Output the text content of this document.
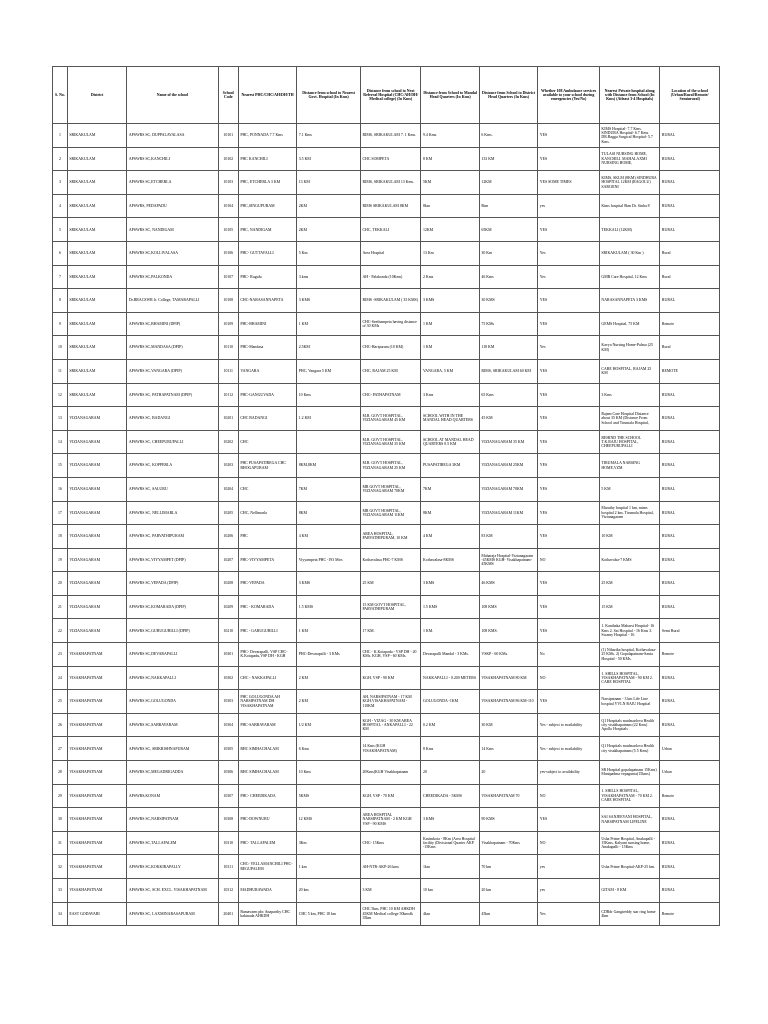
S. No.	District	Name of the school	School Code	Nearest PHC/CHC/AH/DH/TH	Distance from school to Nearest Govt. Hospital (In Kms)	Distance from school to Next Referral Hospital (CHC/AH/DH/ Medical college) (In Kms)	Distance from School to Mandal Head Quarters (In Kms)	Distance from School to District Head Quarters (In Kms)	Whether 108 Ambulance services available to your school during emergencies (Yes/No)	Nearest Private hospital along with Distance from School (In Kms) (Atleast 3-4 Hospitals)	Location of the school (Urban/Rural/Remote/ Semiurural)
1	SRIKAKULAM	APSWRS SC, DUPPALAVALASA	10101	PHC, PONNADA 7.7 Kms	7.1 Kms	RIMS, SRIKAKULAM 7. 1 Kms.	9.4 Kms.	6 Kms.	YES	KIMS Hospital- 7.7 Kms. SINDURA Hospital- 6.7 Kms. DR.Bagga Surgical Hospital- 5.7 Kms.	RURAL
2	SRIKAKULAM	APSWRS SC,KANCHILI	10102	PHC KANCHILI	3.5 KM	CHC SOMPETA	8 KM	133 KM	YES	TULASI NURSING HOME, KANCHILI. MAHALAXMI NURSING HOME,	RURAL
3	SRIKAKULAM	APSWRS SC,ETCHERLA	10103	PHC, ETCHERLA 3 KM	13 KM	RIMS, SRIKAKULAM 13 Kms.	5KM	12KM	YES SOME TIMES	KIMS, SKLM (8KM) SINDHURA HOSPITAL 12KM (RAGOLU) SAROJINI	RURAL
4	SRIKAKULAM	APSWRS, PEDAPADU	10104	PHC,SINGUPURAM	2KM	RIMS SRIKAKULAM 8KM	8km	8km	yes	Kims hospital 8km Dr. Sinha 8	RURAL
5	SRIKAKULAM	APSWRS SC, NANDIGAM	10105	PHC, NANDIGAM	2KM	CHC, TEKKALI	12KM	65KM	YES	TEKKALI (12KM)	RURAL
6	SRIKAKULAM	APSWRS SC,KOLLIVALASA	10106	PHC- GUTTAVALLI	5 Km	Area Hospital	13 Km	30 Km	Yes	SRIKAKULAM ( 30 Km )	Rural
7	SRIKAKULAM	APSWRS SC,PALKONDA	10107	PHC- Rugulu	3 kms	AH - Palakonda (10Kms)	2 Kms	46 Kms	Yes	GMR Care Hospital, 12 Kms	Rural
8	SRIKAKULAM	Dr.BRACSWR Jr. College, TAMARAPALLI	10108	CHC-NARASANNAPETA	3 KMS	RIMS -SRIKAKULAM ( 35 KMS)	3 KMS	30 KMS	YES	NARASANNAPETA 3 KMS	RURAL
9	SRIKAKULAM	APSWRS SC,BHAMINI (DPIP)	10109	PHC-BHAMINI	1 KM	CHC-Seethampeta having distance of 30 KMs	1 KM	75 KMs	YES	GEMS Hospital, 75 KM	Remote
10	SRIKAKULAM	APSWRS SC,MANDASA (DPIP)	10110	PHC-Mandasa	2.5KM	CHC-Haripuram (10 KM)	1 KM	118 KM	Yes	Kavya Nursing Home-Palasa (25 KM)	Rural
11	SRIKAKULAM	APSWRS SC,VANGARA (DPIP)	10111	VANGARA	PHC, Vangara 5 KM	CHC, RAJAM 25 KM	VANGARA, 5 KM	RIMS, SRIKAKULAM 60 KM	YES	CARE HOSPITAL, RAJAM 25 KM	REMOTE
12	SRIKAKULAM	APSWRS SC, PATHAPATNAM (DPIP)	10112	PHC-GANGUVADA	10 Kms	CHC- PATHAPATNAM	3 Kms	65 Kms	YES	3 Kms	RURAL
13	VIZIANAGARAM	APSWRS SC, BADANGI	10201	CHC BADANGI	1.2 KM	M.R. GOVT HOSPITAL, VIZIANAGARAM 45 KM	SCHOOL WITH IN THE MANDAL HEAD QUARTERS	45 KM	YES	Rajam Care Hospital Distance about 35 KM (Distance From School and Tirumala Hospital,	RURAL
14	VIZIANAGARAM	APSWRS SC, CHEEPURUPALLI	10202	CHC		M.R. GOVT HOSPITAL, VIZIANAGARAM 35 KM	SCHOOL AT MANDAL HEAD QUARTERS 0.5 KM	VIZIANAGARAM 35 KM	YES	BEHIND THE SCHOOL T.K.RAJU HOSPITAL, CHEEPURUPALLI	RURAL
15	VIZIANAGARAM	APSWRS SC, KOPPERLA	10203	PHC PUSAPATIREGA CHC BHOGAPURAM	8KM,8KM	M.R. GOVT HOSPITAL, VIZIANAGARAM 25 KM	PUSAPATIREGA 3KM	VIZIANAGARAM 25KM	YES	TIRUMALA NARSING HOME,VZM	RURAL
16	VIZIANAGARAM	APSWRS SC, SALURU	10204	CHC	7KM	MR GOVT HOSPITAL, VIZIANAGARAM 70KM	7KM	VIZIANAGARAM 70KM	YES	5 KM	RURAL
17	VIZIANAGARAM	APSWRS SC, NELLIMARLA	10205	CHC, Nellimarla	8KM	MR GOVT HOSPITAL, VIZIANAGARAM 11KM	8KM	VIZIANAGARAM 11KM	YES	Maruthy hospital 1 km, mims hospital 2 km, Tirumala Hospital, Vizianagaram	RURAL
18	VIZIANAGARAM	APSWRS SC, PARVATHIPURAM	10206	PHC	4 KM	AREA HOSPITAL, PARVATHIPURAM, 10 KM	4 KM	83 KM	YES	10 KM	RURAL
19	VIZIANAGARAM	APSWRS SC,VIYYAMPET (DPIP)	10207	PHC-VIYYAMPETA	Viyyampeta PHC -193 Mtrs	Kothavalasa PHC-7 KMS	Kothavalasa-8KMS	Maharaja Hospital-Vizianagaram -45KMS KGH- Visakhapatnam-45KMS	NO	Kothavalsa-7 KMS	RURAL
20	VIZIANAGARAM	APSWRS SC,VEPADA (DPIP)	10208	PHC-VEPADA	3 KMS	25 KM	3 KMS	46 KMS	YES	25 KM	RURAL
21	VIZIANAGARAM	APSWRS SC,KOMARADA (DPIP)	10209	PHC - KOMARADA	1.5 KMS	15 KM GOVT HOSPITAL, PARVATHIPURAM	1.5 KMS	108 KMS	YES	15 KM	RURAL
22	VIZIANAGARAM	APSWRS SC,GURUGUBILLI (DPIP)	10210	PHC - GARUGUBILLI	1 KM	17 KM.	1 KM.	108 KMS.	YES	1. Kanthaka Maharsi Hospital- 16 Kms 2. Sai Hospital - 16 Kms 3. Swamy Hospital - 16	Semi Rural
23	VISAKHAPATNAM	APSWRS SC,DEVARAPALLI	10301	PHC- Devarapalli, VSP CHC- K.Kotapadu,VSP DH - KGH	PHC-Devarapalli - 3 KMs	CHC - K.Kotapadu - VSP DH - 20 KMs. KGH, VSP - 60 KMs.	Devarapalli Mandal - 3 KMs.	VSKP - 60 KMs.	No	(1) Niharika hospital, Kothavalasa- 25 KMs. 2) Gopalapatnam-Santa Hospital - 50 KMs.	Remote
24	VISAKHAPATNAM	APSWRS SC,NAKKAPALLI	10302	CHC - NAKKAPALLI	2 KM	KGH, VSP - 90 KM	NAKKAPALLI - 0.200 METERS	VISAKHAPATNAM 80 KM	NO	1. SHILLS HOSPITAL, VISAKHAPATNAM - 90 KM 2. CARE HOSPITAL	RURAL
25	VISAKHAPATNAM	APSWRS SC,GOLUGONDA	10303	PHC GOLUGONDA AH NARSIPATNAM DH VISAKHAPATNAM	2 KM	AH, NARSIPATNAM - 17 KM KGH,VISAKHAPATNAM - 110KM	GOLUGONDA -1KM	VISAKHAPATNAM 86 KM-110	YES	Narsipatnam - 3 km Life Line hospital VVLN RAJU Hospital	RURAL
26	VISAKHAPATNAM	APSWRS SC,SABBAVARAM	10304	PHC-SABBAVARAM	1/2 KM	KGH - VIZAG - 30 KM AREA HOSPITAL - ANKAPALLI - 22 KM	0.2 KM	30 KM	Yes - subject to availability	Q1 Hospitals mudasarlova Health city visakhapatnam (22 Kms) Apollo Hospitals	RURAL
27	VISAKHAPATNAM	APSWRS SC, SRIKRISHNAPURAM	10305	RHC SIMHACHALAM	6 Kms	14 Kms (KGH VISAKHAPATNAM)	8 Kms	14 Kms	Yes - subject to availability	Q1 Hospitals mudasarlova Health city visakhapatnam (5.5 Kms)	Urban
28	VISAKHAPATNAM	APSWRS SC,MEGADRIGADDA	10306	RHC SIMHACHALAM	10 Kms	20Kms(KGH Visakhapatnam	20	20	yes-subject to availability	SR Hospital gopalapatnam 15Kms) Manipadma vepagunta(15kms)	Urban
29	VISAKHAPATNAM	APSWRS,KONAM	10307	PHC- CHEEDIKADA	5KMS	KGH, VSP - 70 KM	CHEEDIKADA - 5KMS	VISAKHAPATNAM 70	NO	1. SHILLS HOSPITAL, VISAKHAPATNAM - 70 KM 2. CARE HOSPITAL	Remote
30	VISAKHAPATNAM	APSWRS SC,NARSIPATNAM	10308	PHC-DOWNURU	12 KMS	AREA HOSPITAL NARSIPATNAM - 2 KM KGH VSP - 90 KMS	3 KMS	90 KMS	YES	SAI SANJEEVANI HOSPITAL, NARSIPATNAM LIFELINE	RURAL
31	VISAKHAPATNAM	APSWRS SC,TALLAPALEM	10310	PHC- TALLAPALEM	3Km	CHC- 15Kms	Kasimkota - 8Km (Area Hospital facility (Divisional Quarter AKP -15Kms	Visakhapatnam - 70Kms	NO	Usha Prime Hospital, Anakapalli - 15Kms, Kalyani nursing home, Anakapalli - 15Kms	RURAL
32	VISAKHAPATNAM	APSWRS SC,KOKKIRAPALLY	10311	CHC- YELLAMANCHILI PHC-REGUPALEM	1 km	AH-NTR-AKP-26 kms	1km	70 km	yes	Usha Prime Hospital-AKP-25 km.	RURAL
33	VISAKHAPATNAM	APSWRS SC, SCH. EXCL. VISAKHAPATNAM	10312	MADHURAWADA	20 km	3 KM	10 km	20 km	yes	GITAM - 8 KM	RURAL
34	EAST GODAVARI	APSWRS SC, LAXMINARASAPURAM	20401	Ramavarm phc Anaparthy CHC kakinada AHKDH	CHC 5 km, PHC 18 km	CHC 5km, PHC 10 KM AHKDH 45KM Medical college 50kms& 35km	4km	45km	Yes	CDRdr Gangireddy star ring home 4km	Remote
